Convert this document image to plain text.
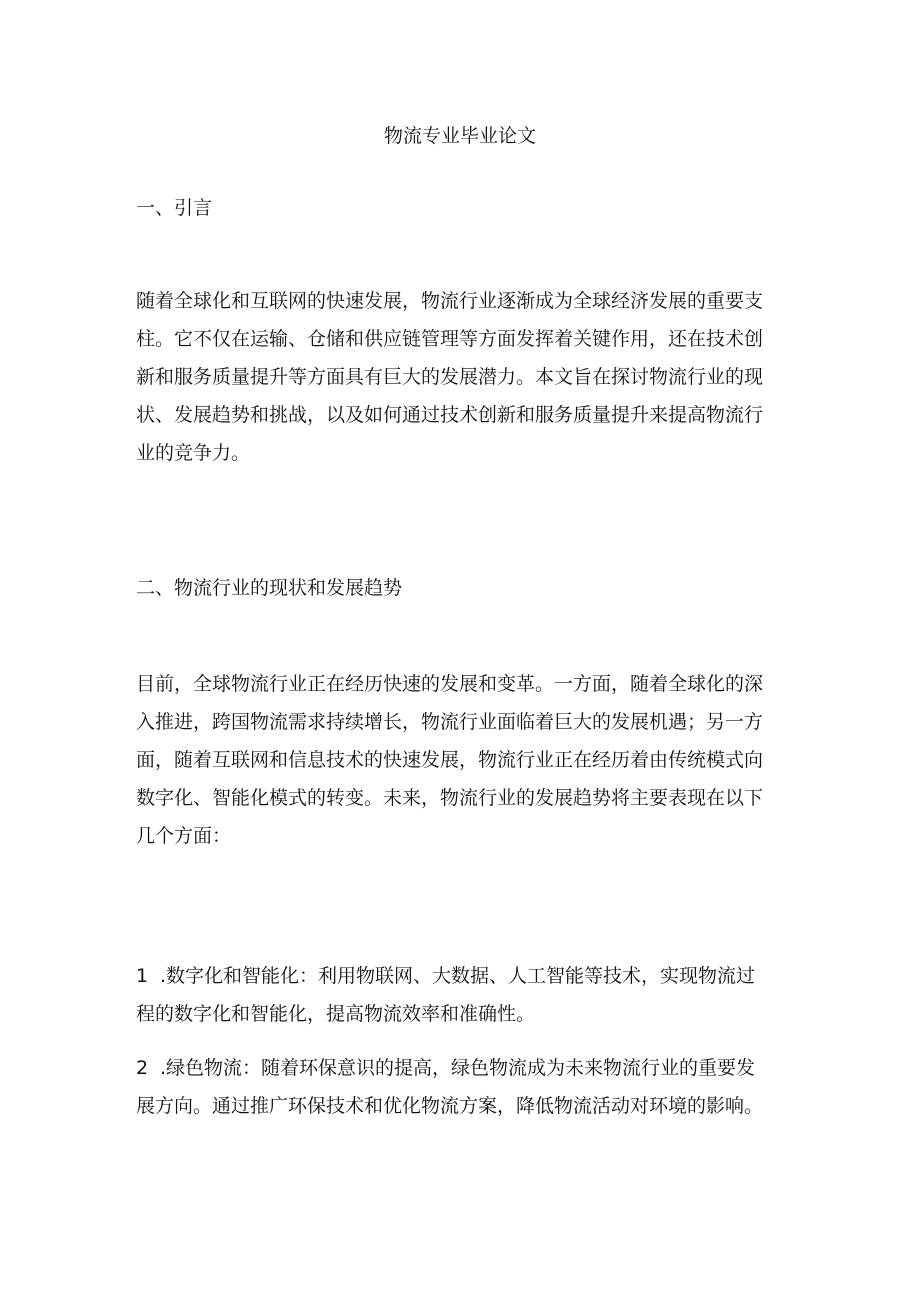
物流专业毕业论文
一、引言
随着全球化和互联网的快速发展，物流行业逐渐成为全球经济发展的重要支
柱。它不仅在运输、仓储和供应链管理等方面发挥着关键作用，还在技术创
新和服务质量提升等方面具有巨大的发展潜力。本文旨在探讨物流行业的现
状、发展趋势和挑战，以及如何通过技术创新和服务质量提升来提高物流行
业的竞争力。
二、物流行业的现状和发展趋势
目前，全球物流行业正在经历快速的发展和变革。一方面，随着全球化的深
入推进，跨国物流需求持续增长，物流行业面临着巨大的发展机遇；另一方
面，随着互联网和信息技术的快速发展，物流行业正在经历着由传统模式向
数字化、智能化模式的转变。未来，物流行业的发展趋势将主要表现在以下
几个方面：
1 .数字化和智能化：利用物联网、大数据、人工智能等技术，实现物流过
程的数字化和智能化，提高物流效率和准确性。
2 .绿色物流：随着环保意识的提高，绿色物流成为未来物流行业的重要发
展方向。通过推广环保技术和优化物流方案，降低物流活动对环境的影响。
